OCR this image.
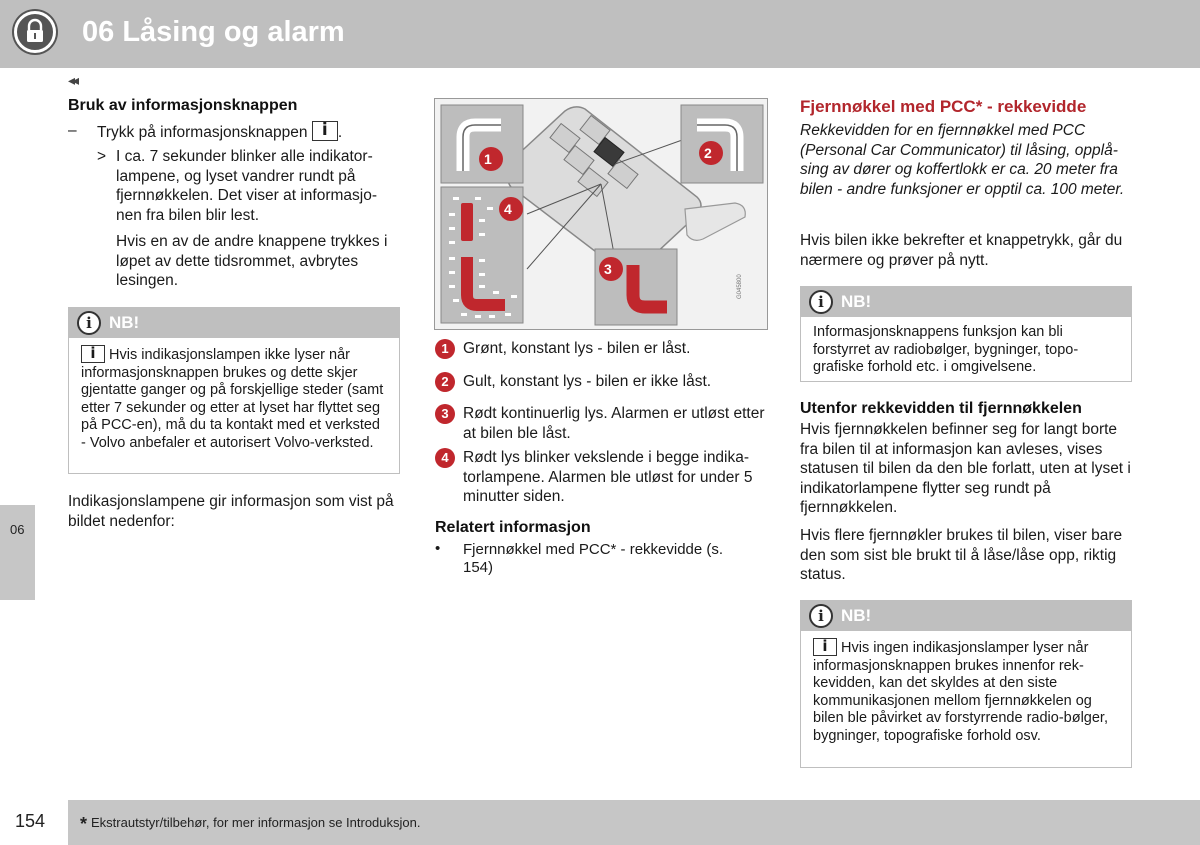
06 Låsing og alarm
◂◂
Bruk av informasjonsknappen
– Trykk på informasjonsknappen i .
> I ca. 7 sekunder blinker alle indikator-lampene, og lyset vandrer rundt på fjernnøkkelen. Det viser at informasjo-nen fra bilen blir lest.
Hvis en av de andre knappene trykkes i løpet av dette tidsrommet, avbrytes lesingen.
i	NB!
i Hvis indikasjonslampen ikke lyser når informasjonsknappen brukes og dette skjer gjentatte ganger og på forskjellige steder (samt etter 7 sekunder og etter at lyset har flyttet seg på PCC-en), må du ta kontakt med et verksted - Volvo anbefaler et autorisert Volvo-verksted.
Indikasjonslampene gir informasjon som vist på bildet nedenfor:
06
1	2
3
4
G045800
1 Grønt, konstant lys - bilen er låst.
2 Gult, konstant lys - bilen er ikke låst.
3 Rødt kontinuerlig lys. Alarmen er utløst etter at bilen ble låst.
4 Rødt lys blinker vekslende i begge indika-torlampene. Alarmen ble utløst for under 5 minutter siden.
Relatert informasjon
• Fjernnøkkel med PCC* - rekkevidde (s. 154)
Fjernnøkkel med PCC* - rekkevidde
Rekkevidden for en fjernnøkkel med PCC (Personal Car Communicator) til låsing, opplå-sing av dører og koffertlokk er ca. 20 meter fra bilen - andre funksjoner er opptil ca. 100 meter.
Hvis bilen ikke bekrefter et knappetrykk, går du nærmere og prøver på nytt.
i	NB!
Informasjonsknappens funksjon kan bli forstyrret av radiobølger, bygninger, topo-grafiske forhold etc. i omgivelsene.
Utenfor rekkevidden til fjernnøkkelen
Hvis fjernnøkkelen befinner seg for langt borte fra bilen til at informasjon kan avleses, vises statusen til bilen da den ble forlatt, uten at lyset i indikatorlampene flytter seg rundt på fjernnøkkelen.
Hvis flere fjernnøkler brukes til bilen, viser bare den som sist ble brukt til å låse/låse opp, riktig status.
i	NB!
i Hvis ingen indikasjonslamper lyser når informasjonsknappen brukes innenfor rek-kevidden, kan det skyldes at den siste kommunikasjonen mellom fjernnøkkelen og bilen ble påvirket av forstyrrende radio-bølger, bygninger, topografiske forhold osv.
154 * Ekstrautstyr/tilbehør, for mer informasjon se Introduksjon.
